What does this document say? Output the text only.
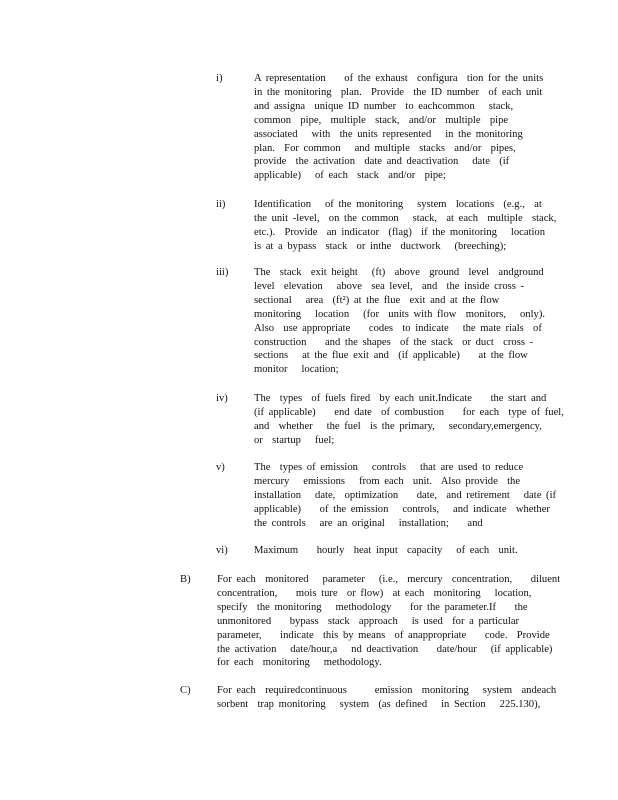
i)	A representation    of the exhaust  configura  tion for the units
in the monitoring  plan.  Provide  the ID number  of each unit
and assigna  unique ID number  to eachcommon   stack,
common  pipe,  multiple  stack,  and/or  multiple  pipe
associated   with  the units represented   in the monitoring
plan.  For common   and multiple  stacks  and/or  pipes,
provide  the activation  date and deactivation   date  (if
applicable)   of each  stack  and/or  pipe;
ii)	Identification   of the monitoring   system  locations  (e.g.,  at
the unit -level,  on the common   stack,  at each  multiple  stack,
etc.).  Provide  an indicator  (flag)  if the monitoring   location
is at a bypass  stack  or inthe  ductwork   (breeching);
iii)	The  stack  exit height   (ft)  above  ground  level  andground
level  elevation   above  sea level,  and  the inside cross -
sectional   area  (ft²) at the flue  exit and at the flow
monitoring   location   (for  units with flow  monitors,   only).
Also  use appropriate    codes  to indicate   the mate rials  of
construction    and the shapes  of the stack  or duct  cross -
sections   at the flue exit and  (if applicable)    at the flow
monitor   location;
iv)	The  types  of fuels fired  by each unit.Indicate    the start and
(if applicable)    end date  of combustion    for each  type of fuel,
and  whether   the fuel  is the primary,   secondary,emergency,
or  startup   fuel;
v)	The  types of emission   controls   that are used to reduce
mercury   emissions   from each  unit.  Also provide  the
installation   date,  optimization    date,  and retirement   date (if
applicable)    of the emission   controls,   and indicate  whether
the controls   are an original   installation;    and
vi)	Maximum    hourly  heat input  capacity   of each  unit.
B)	For each  monitored   parameter   (i.e.,  mercury  concentration,    diluent
concentration,    mois ture  or flow)  at each  monitoring   location,
specify  the monitoring   methodology    for the parameter.If    the
unmonitored    bypass  stack  approach   is used  for a particular
parameter,    indicate  this by means  of anappropriate    code.  Provide
the activation   date/hour,a   nd deactivation    date/hour   (if applicable)
for each  monitoring   methodology.
C)	For each  requiredcontinuous      emission  monitoring   system  andeach
sorbent  trap monitoring   system  (as defined   in Section   225.130),
